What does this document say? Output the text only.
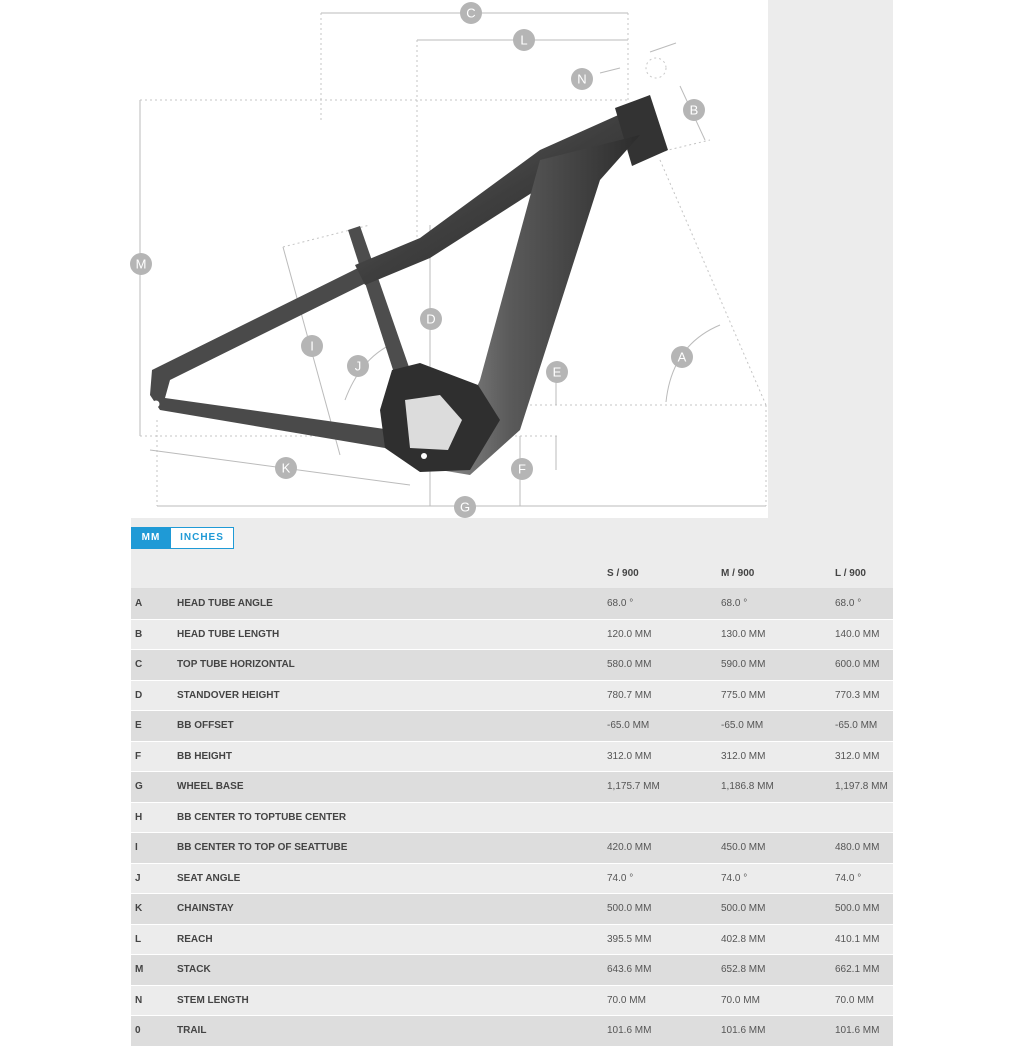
C
L
N
B
M
D
I
J
A
E
F
K
G
MM	INCHES
		S / 900	M / 900	L / 900
A	HEAD TUBE ANGLE	68.0 °	68.0 °	68.0 °
B	HEAD TUBE LENGTH	120.0 MM	130.0 MM	140.0 MM
C	TOP TUBE HORIZONTAL	580.0 MM	590.0 MM	600.0 MM
D	STANDOVER HEIGHT	780.7 MM	775.0 MM	770.3 MM
E	BB OFFSET	-65.0 MM	-65.0 MM	-65.0 MM
F	BB HEIGHT	312.0 MM	312.0 MM	312.0 MM
G	WHEEL BASE	1,175.7 MM	1,186.8 MM	1,197.8 MM
H	BB CENTER TO TOPTUBE CENTER			
I	BB CENTER TO TOP OF SEATTUBE	420.0 MM	450.0 MM	480.0 MM
J	SEAT ANGLE	74.0 °	74.0 °	74.0 °
K	CHAINSTAY	500.0 MM	500.0 MM	500.0 MM
L	REACH	395.5 MM	402.8 MM	410.1 MM
M	STACK	643.6 MM	652.8 MM	662.1 MM
N	STEM LENGTH	70.0 MM	70.0 MM	70.0 MM
0	TRAIL	101.6 MM	101.6 MM	101.6 MM
